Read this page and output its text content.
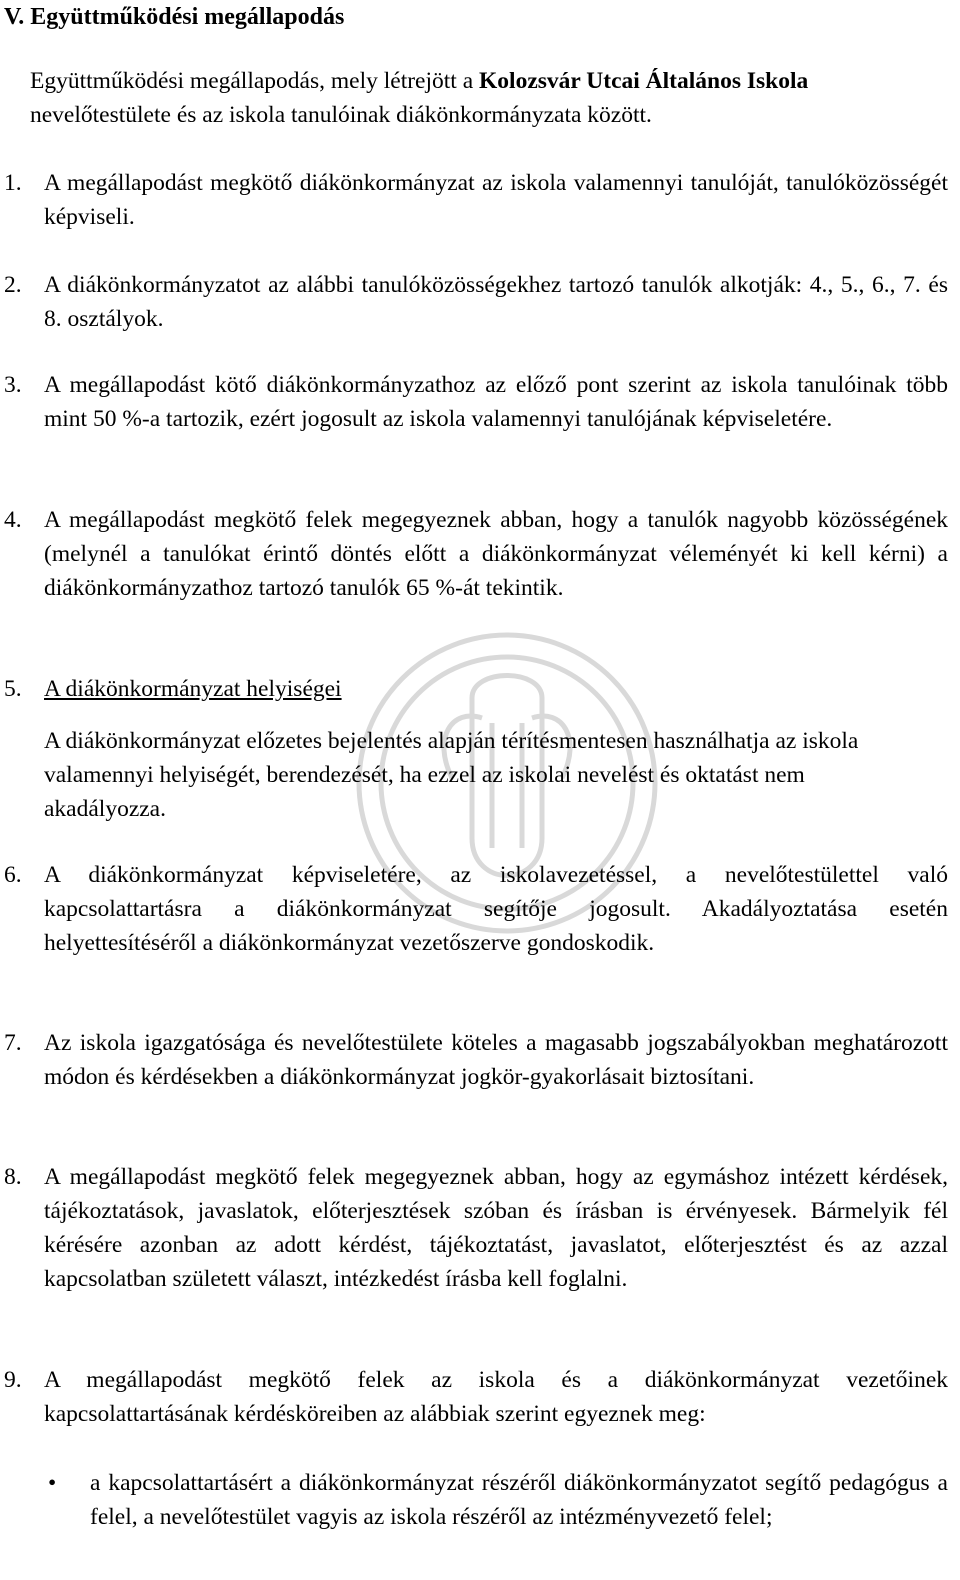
V. Együttműködési megállapodás

Együttműködési megállapodás, mely létrejött a Kolozsvár Utcai Általános Iskola nevelőtestülete és az iskola tanulóinak diákönkormányzata között.

1. A megállapodást megkötő diákönkormányzat az iskola valamennyi tanulóját, tanulóközösségét képviseli.
2. A diákönkormányzatot az alábbi tanulóközösségekhez tartozó tanulók alkotják: 4., 5., 6., 7. és 8. osztályok.
3. A megállapodást kötő diákönkormányzathoz az előző pont szerint az iskola tanulóinak több mint 50 %-a tartozik, ezért jogosult az iskola valamennyi tanulójának képviseletére.
4. A megállapodást megkötő felek megegyeznek abban, hogy a tanulók nagyobb közösségének (melynél a tanulókat érintő döntés előtt a diákönkormányzat véleményét ki kell kérni) a diákönkormányzathoz tartozó tanulók 65 %-át tekintik.
5. A diákönkormányzat helyiségei
A diákönkormányzat előzetes bejelentés alapján térítésmentesen használhatja az iskola valamennyi helyiségét, berendezését, ha ezzel az iskolai nevelést és oktatást nem akadályozza.
6. A diákönkormányzat képviseletére, az iskolavezetéssel, a nevelőtestülettel való kapcsolattartásra a diákönkormányzat segítője jogosult. Akadályoztatása esetén helyettesítéséről a diákönkormányzat vezetőszerve gondoskodik.
7. Az iskola igazgatósága és nevelőtestülete köteles a magasabb jogszabályokban meghatározott módon és kérdésekben a diákönkormányzat jogkör-gyakorlásait biztosítani.
8. A megállapodást megkötő felek megegyeznek abban, hogy az egymáshoz intézett kérdések, tájékoztatások, javaslatok, előterjesztések szóban és írásban is érvényesek. Bármelyik fél kérésére azonban az adott kérdést, tájékoztatást, javaslatot, előterjesztést és az azzal kapcsolatban született választ, intézkedést írásba kell foglalni.
9. A megállapodást megkötő felek az iskola és a diákönkormányzat vezetőinek kapcsolattartásának kérdésköreiben az alábbiak szerint egyeznek meg:
• a kapcsolattartásért a diákönkormányzat részéről diákönkormányzatot segítő pedagógus a felel, a nevelőtestület vagyis az iskola részéről az intézményvezető felel;
